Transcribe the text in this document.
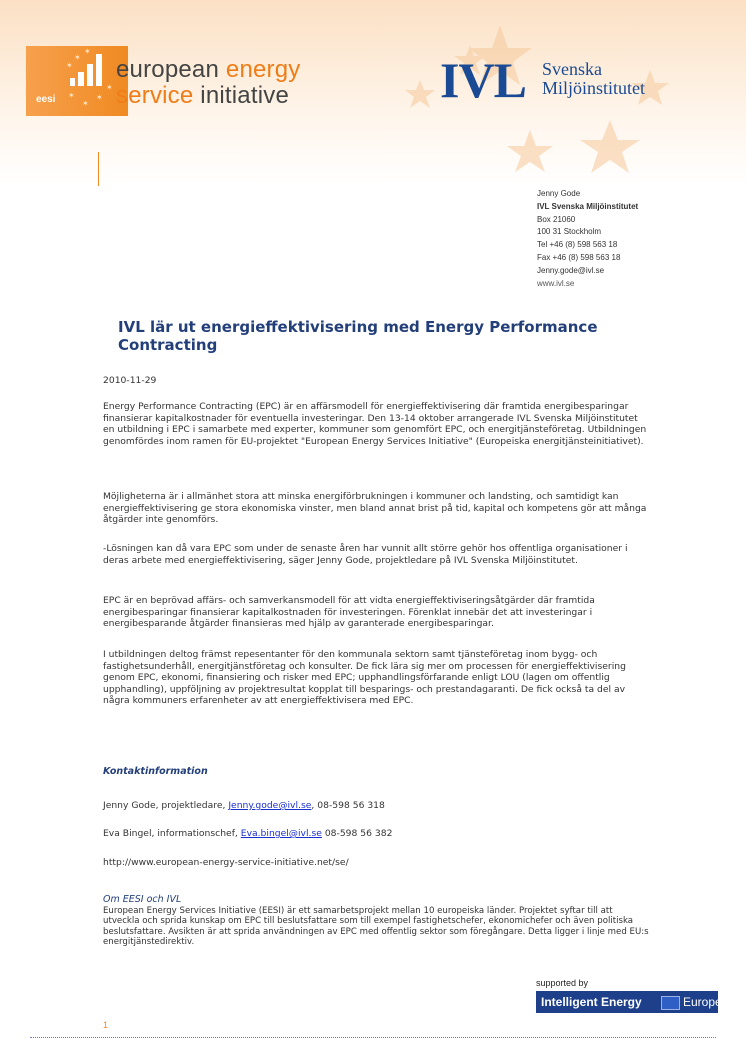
✶
✶
✶
✶
✶
✶
✶
eesi
european energy
service initiative	IVL Svenska
Miljöinstitutet
Jenny Gode
IVL Svenska Miljöinstitutet
Box 21060
100 31 Stockholm
Tel +46 (8) 598 563 18
Fax +46 (8) 598 563 18
Jenny.gode@ivl.se
www.ivl.se
IVL lär ut energieffektivisering med Energy Performance Contracting
2010-11-29
Energy Performance Contracting (EPC) är en affärsmodell för energieffektivisering där framtida energibesparingar finansierar kapitalkostnader för eventuella investeringar. Den 13-14 oktober arrangerade IVL Svenska Miljöinstitutet en utbildning i EPC i samarbete med experter, kommuner som genomfört EPC, och energitjänsteföretag. Utbildningen genomfördes inom ramen för EU-projektet "European Energy Services Initiative" (Europeiska energitjänsteinitiativet).
Möjligheterna är i allmänhet stora att minska energiförbrukningen i kommuner och landsting, och samtidigt kan energieffektivisering ge stora ekonomiska vinster, men bland annat brist på tid, kapital och kompetens gör att många åtgärder inte genomförs.
-Lösningen kan då vara EPC som under de senaste åren har vunnit allt större gehör hos offentliga organisationer i deras arbete med energieffektivisering, säger Jenny Gode, projektledare på IVL Svenska Miljöinstitutet.
EPC är en beprövad affärs- och samverkansmodell för att vidta energieffektiviseringsåtgärder där framtida energibesparingar finansierar kapitalkostnaden för investeringen. Förenklat innebär det att investeringar i energibesparande åtgärder finansieras med hjälp av garanterade energibesparingar.
I utbildningen deltog främst repesentanter för den kommunala sektorn samt tjänsteföretag inom bygg- och fastighetsunderhåll, energitjänstföretag och konsulter. De fick lära sig mer om processen för energieffektivisering genom EPC, ekonomi, finansiering och risker med EPC; upphandlingsförfarande enligt LOU (lagen om offentlig upphandling), uppföljning av projektresultat kopplat till besparings- och prestandagaranti. De fick också ta del av några kommuners erfarenheter av att energieffektivisera med EPC.
Kontaktinformation
Jenny Gode, projektledare, Jenny.gode@ivl.se, 08-598 56 318
Eva Bingel, informationschef, Eva.bingel@ivl.se 08-598 56 382
http://www.european-energy-service-initiative.net/se/
Om EESI och IVL
European Energy Services Initiative (EESI) är ett samarbetsprojekt mellan 10 europeiska länder. Projektet syftar till att utveckla och sprida kunskap om EPC till beslutsfattare som till exempel fastighetschefer, ekonomichefer och även politiska beslutsfattare. Avsikten är att sprida användningen av EPC med offentlig sektor som föregångare. Detta ligger i linje med EU:s energitjänstedirektiv.
supported by
Intelligent Energy	Europe
1
